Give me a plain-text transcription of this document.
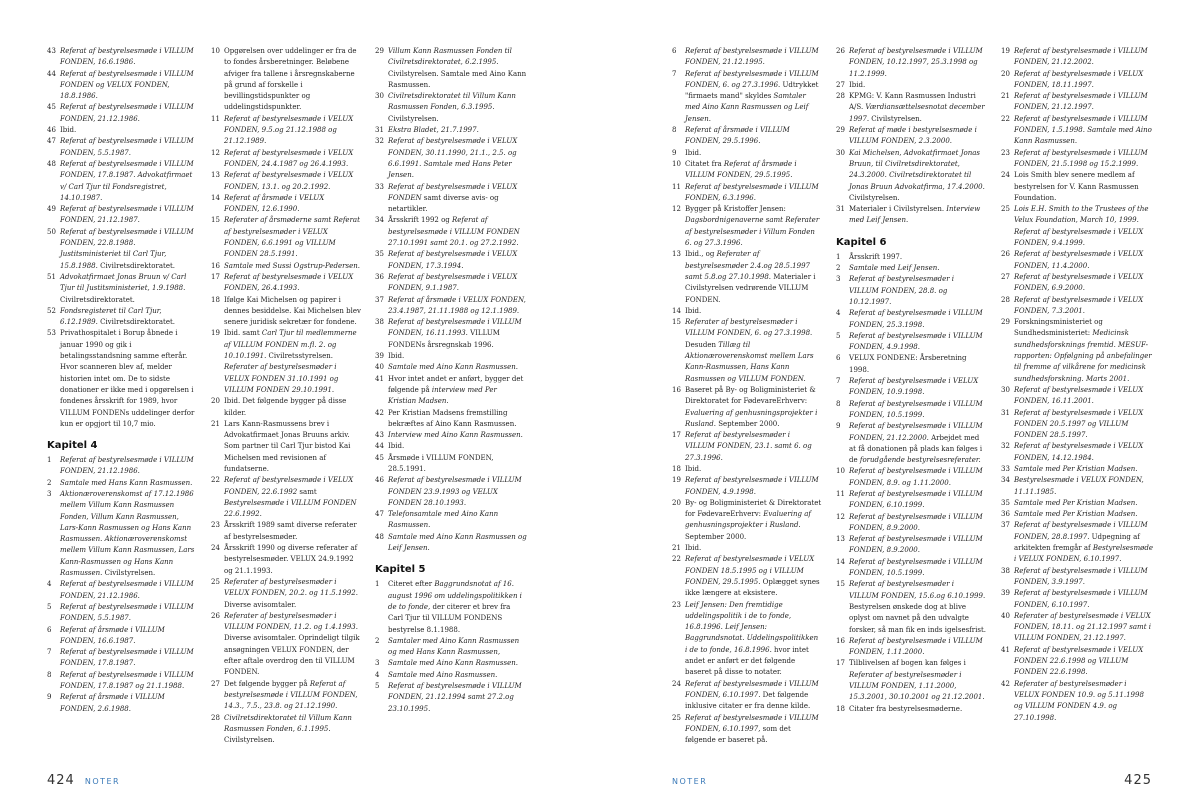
43 Referat af bestyrelsesmøde i VILLUM FONDEN, 16.6.1986.
44 Referat af bestyrelsesmøde i VILLUM FONDEN og VELUX FONDEN, 18.8.1986.
45 Referat af bestyrelsesmøde i VILLUM FONDEN, 21.12.1986.
46 Ibid.
47 Referat af bestyrelsesmøde i VILLUM FONDEN, 5.5.1987.
48 Referat af bestyrelsesmøde i VILLUM FONDEN, 17.8.1987. Advokatfirmaet v/ Carl Tjur til Fondsregistret, 14.10.1987.
49 Referat af bestyrelsesmøde i VILLUM FONDEN, 21.12.1987.
50 Referat af bestyrelsesmøde i VILLUM FONDEN, 22.8.1988. Justitsministeriet til Carl Tjur, 15.8.1988. Civilretsdirektoratet.
51 Advokatfirmaet Jonas Bruun v/ Carl Tjur til Justitsministeriet, 1.9.1988. Civilretsdirektoratet.
52 Fondsregisteret til Carl Tjur, 6.12.1989. Civilretsdirektoratet.
53 Privathospitalet i Borup åbnede i januar 1990 og gik i betalingsstandsning samme efterår. Hvor scanneren blev af, melder historien intet om. De to sidste donationer er ikke med i opgørelsen i fondenes årsskrift for 1989, hvor VILLUM FONDENs uddelinger derfor kun er opgjort til 10,7 mio.
Kapitel 4
1	Referat af bestyrelsesmøde i VILLUM FONDEN, 21.12.1986.
2	Samtale med Hans Kann Rasmussen.
3	Aktionæroverenskomst af 17.12.1986 mellem Villum Kann Rasmussen Fonden, Villum Kann Rasmussen, Lars-Kann Rasmussen og Hans Kann Rasmussen. Aktionæroverenskomst mellem Villum Kann Rasmussen, Lars Kann-Rasmussen og Hans Kann Rasmussen. Civilstyrelsen.
4	Referat af bestyrelsesmøde i VILLUM FONDEN, 21.12.1986.
5	Referat af bestyrelsesmøde i VILLUM FONDEN, 5.5.1987.
6	Referat af årsmøde i VILLUM FONDEN, 16.6.1987.
7	Referat af bestyrelsesmøde i VILLUM FONDEN, 17.8.1987.
8	Referat af bestyrelsesmøde i VILLUM FONDEN, 17.8.1987 og 21.1.1988.
9	Referat af årsmøde i VILLUM FONDEN, 2.6.1988.
10 Opgørelsen over uddelinger er fra de to fondes årsberetninger. Beløbene afviger fra tallene i årsregnskaberne på grund af forskelle i bevillingstidspunkter og uddelingstidspunkter.
11 Referat af bestyrelsesmøde i VELUX FONDEN, 9.5.og 21.12.1988 og 21.12.1989.
12 Referat af bestyrelsesmøde i VELUX FONDEN, 24.4.1987 og 26.4.1993.
13 Referat af bestyrelsesmøde i VELUX FONDEN, 13.1. og 20.2.1992.
14 Referat af årsmøde i VELUX FONDEN, 12.6.1990.
15 Referater af årsmøderne samt Referat af bestyrelsesmøder i VELUX FONDEN, 6.6.1991 og VILLUM FONDEN 28.5.1991.
16 Samtale med Sussi Ogstrup-Pedersen.
17 Referat af bestyrelsesmøde i VELUX FONDEN, 26.4.1993.
18 Ifølge Kai Michelsen og papirer i dennes besiddelse. Kai Michelsen blev senere juridisk sekretær for fondene.
19 Ibid. samt Carl Tjur til medlemmerne af VILLUM FONDEN m.fl. 2. og 10.10.1991. Civilretsstyrelsen. Referater af bestyrelsesmøder i VELUX FONDEN 31.10.1991 og VILLUM FONDEN 29.10.1991.
20 Ibid. Det følgende bygger på disse kilder.
21 Lars Kann-Rasmussens brev i Advokatfirmaet Jonas Bruuns arkiv. Som partner til Carl Tjur bistod Kai Michelsen med revisionen af fundatserne.
22 Referat af bestyrelsesmøde i VELUX FONDEN, 22.6.1992 samt Bestyrelsesmøde i VILLUM FONDEN 22.6.1992.
23 Årsskrift 1989 samt diverse referater af bestyrelsesmøder.
24 Årsskrift 1990 og diverse referater af bestyrelsesmøder. VELUX 24.9.1992 og 21.1.1993.
25 Referater af bestyrelsesmøder i VELUX FONDEN, 20.2. og 11.5.1992. Diverse avisomtaler.
26 Referater af bestyrelsesmøder i VILLUM FONDEN, 11.2. og 1.4.1993. Diverse avisomtaler. Oprindeligt tilgik ansøgningen VELUX FONDEN, der efter aftale overdrog den til VILLUM FONDEN.
27 Det følgende bygger på Referat af bestyrelsesmøde i VILLUM FONDEN, 14.3., 7.5., 23.8. og 21.12.1990.
28 Civilretsdirektoratet til Villum Kann Rasmussen Fonden, 6.1.1995. Civilstyrelsen.
29 Villum Kann Rasmussen Fonden til Civilretsdirektoratet, 6.2.1995. Civilstyrelsen. Samtale med Aino Kann Rasmussen.
30 Civilretsdirektoratet til Villum Kann Rasmussen Fonden, 6.3.1995. Civilstyrelsen.
31 Ekstra Bladet, 21.7.1997.
32 Referat af bestyrelsesmøde i VELUX FONDEN, 30.11.1990, 21.1., 2.5. og 6.6.1991. Samtale med Hans Peter Jensen.
33 Referat af bestyrelsesmøde i VELUX FONDEN samt diverse avis- og netartikler.
34 Årsskrift 1992 og Referat af bestyrelsesmøde i VILLUM FONDEN 27.10.1991 samt 20.1. og 27.2.1992.
35 Referat af bestyrelsesmøde i VELUX FONDEN, 17.3.1994.
36 Referat af bestyrelsesmøde i VELUX FONDEN, 9.1.1987.
37 Referat af årsmøde i VELUX FONDEN, 23.4.1987, 21.11.1988 og 12.1.1989.
38 Referat af bestyrelsesmøde i VILLUM FONDEN, 16.11.1993. VILLUM FONDENs årsregnskab 1996.
39 Ibid.
40 Samtale med Aino Kann Rasmussen.
41 Hvor intet andet er anført, bygger det følgende på interview med Per Kristian Madsen.
42 Per Kristian Madsens fremstilling bekræftes af Aino Kann Rasmussen.
43 Interview med Aino Kann Rasmussen.
44 Ibid.
45 Årsmøde i VILLUM FONDEN, 28.5.1991.
46 Referat af bestyrelsesmøde i VILLUM FONDEN 23.9.1993 og VELUX FONDEN 28.10.1993.
47 Telefonsamtale med Aino Kann Rasmussen.
48 Samtale med Aino Kann Rasmussen og Leif Jensen.
Kapitel 5
1	Citeret efter Baggrundsnotat af 16. august 1996 om uddelingspolitikken i de to fonde, der citerer et brev fra Carl Tjur til VILLUM FONDENS bestyrelse 8.1.1988.
2	Samtaler med Aino Kann Rasmussen og med Hans Kann Rasmussen,
3	Samtale med Aino Kann Rasmussen.
4	Samtale med Aino Rasmussen.
5	Referat af bestyrelsesmøde i VILLUM FONDEN, 21.12.1994 samt 27.2.og 23.10.1995.
424 NOTER
6	Referat af bestyrelsesmøde i VILLUM FONDEN, 21.12.1995.
7	Referat af bestyrelsesmøde i VILLUM FONDEN, 6. og 27.3.1996. Udtrykket "firmaets mand" skyldes Samtaler med Aino Kann Rasmussen og Leif Jensen.
8	Referat af årsmøde i VILLUM FONDEN, 29.5.1996.
9	Ibid.
10 Citatet fra Referat af årsmøde i VILLUM FONDEN, 29.5.1995.
11 Referat af bestyrelsesmøde i VILLUM FONDEN, 6.3.1996.
12 Bygger på Kristoffer Jensen: Dagsbordnigenaverne samt Referater af bestyrelsesmøder i Villum Fonden 6. og 27.3.1996.
13 Ibid., og Referater af bestyrelsesmøder 2.4.og 28.5.1997 samt 5.8.og 27.10.1998. Materialer i Civilstyrelsen vedrørende VILLUM FONDEN.
14 Ibid.
15 Referater af bestyrelsesmøder i VILLUM FONDEN, 6. og 27.3.1998. Desuden Tillæg til Aktionæroverenskomst mellem Lars Kann-Rasmussen, Hans Kann Rasmussen og VILLUM FONDEN.
16 Baseret på By- og Boligministeriet & Direktoratet for FødevareErhverv: Evaluering af genhusningsprojekter i Rusland. September 2000.
17 Referat af bestyrelsesmøder i VILLUM FONDEN, 23.1. samt 6. og 27.3.1996.
18 Ibid.
19 Referat af bestyrelsesmøde i VILLUM FONDEN, 4.9.1998.
20 By- og Boligministeriet & Direktoratet for FødevareErhverv: Evaluering af genhusningsprojekter i Rusland. September 2000.
21 Ibid.
22 Referat af bestyrelsesmøde i VELUX FONDEN 18.5.1995 og i VILLUM FONDEN, 29.5.1995. Oplægget synes ikke længere at eksistere.
23 Leif Jensen: Den fremtidige uddelingspolitik i de to fonde, 16.8.1996. Leif Jensen: Baggrundsnotat. Uddelingspolitikken i de to fonde, 16.8.1996. hvor intet andet er anført er det følgende baseret på disse to notater.
24 Referat af bestyrelsesmøde i VILLUM FONDEN, 6.10.1997. Det følgende inklusive citater er fra denne kilde.
25 Referat af bestyrelsesmøde i VILLUM FONDEN, 6.10.1997, som det følgende er baseret på.
26 Referat af bestyrelsesmøde i VILLUM FONDEN, 10.12.1997, 25.3.1998 og 11.2.1999.
27 Ibid.
28 KPMG: V. Kann Rasmussen Industri A/S. Værdiansættelsesnotat december 1997. Civilstyrelsen.
29 Referat af møde i bestyrelsesmøde i VILLUM FONDEN, 2.3.2000.
30 Kai Michelsen, Advokatfirmaet Jonas Bruun, til Civilretsdirektoratet, 24.3.2000. Civilretsdirektoratet til Jonas Bruun Advokatfirma, 17.4.2000. Civilstyrelsen.
31 Materialer i Civilstyrelsen. Interview med Leif Jensen.
Kapitel 6
1	Årsskrift 1997.
2	Samtale med Leif Jensen.
3	Referat af bestyrelsesmøder i VILLUM FONDEN, 28.8. og 10.12.1997.
4	Referat af bestyrelsesmøde i VILLUM FONDEN, 25.3.1998.
5	Referat af bestyrelsesmøde i VILLUM FONDEN, 4.9.1998.
6	VELUX FONDENE: Årsberetning 1998.
7	Referat af bestyrelsesmøde i VELUX FONDEN, 10.9.1998.
8	Referat af bestyrelsesmøde i VILLUM FONDEN, 10.5.1999.
9	Referat af bestyrelsesmøde i VILLUM FONDEN, 21.12.2000. Arbejdet med at få donationen på plads kan følges i de forudgående bestyrelsesreferater.
10 Referat af bestyrelsesmøde i VILLUM FONDEN, 8.9. og 1.11.2000.
11 Referat af bestyrelsesmøde i VILLUM FONDEN, 6.10.1999.
12 Referat af bestyrelsesmøde i VILLUM FONDEN, 8.9.2000.
13 Referat af bestyrelsesmøde i VILLUM FONDEN, 8.9.2000.
14 Referat af bestyrelsesmøde i VILLUM FONDEN, 10.5.1999.
15 Referat af bestyrelsesmøder i VILLUM FONDEN, 15.6.og 6.10.1999. Bestyrelsen ønskede dog at blive oplyst om navnet på den udvalgte forsker, så man fik en inds igelsesfrist.
16 Referat af bestyrelsesmøde i VILLUM FONDEN, 1.11.2000.
17 Tilblivelsen af bogen kan følges i Referater af bestyrelsesmøder i VILLUM FONDEN, 1.11.2000, 15.3.2001, 30.10.2001 og 21.12.2001.
18 Citater fra bestyrelsesmøderne.
19 Referat af bestyrelsesmøde i VILLUM FONDEN, 21.12.2002.
20 Referat af bestyrelsesmøde i VELUX FONDEN, 18.11.1997.
21 Referat af bestyrelsesmøde i VILLUM FONDEN, 21.12.1997.
22 Referat af bestyrelsesmøde i VILLUM FONDEN, 1.5.1998. Samtale med Aino Kann Rasmussen.
23 Referat af bestyrelsesmøde i VILLUM FONDEN, 21.5.1998 og 15.2.1999.
24 Lois Smith blev senere medlem af bestyrelsen for V. Kann Rasmussen Foundation.
25 Lois E.H. Smith to the Trustees of the Velux Foundation, March 10, 1999. Referat af bestyrelsesmøde i VELUX FONDEN, 9.4.1999.
26 Referat af bestyrelsesmøde i VELUX FONDEN, 11.4.2000.
27 Referat af bestyrelsesmøde i VELUX FONDEN, 6.9.2000.
28 Referat af bestyrelsesmøde i VELUX FONDEN, 7.3.2001.
29 Forskningsministeriet og Sundhedsministeriet: Medicinsk sundhedsforsknings fremtid. MESUF-rapporten: Opfølgning på anbefalinger til fremme af vilkårene for medicinsk sundhedsforskning. Marts 2001.
30 Referat af bestyrelsesmøde i VELUX FONDEN, 16.11.2001.
31 Referat af bestyrelsesmøde i VELUX FONDEN 20.5.1997 og VILLUM FONDEN 28.5.1997.
32 Referat af bestyrelsesmøde i VELUX FONDEN, 14.12.1984.
33 Samtale med Per Kristian Madsen.
34 Bestyrelsesmøde i VELUX FONDEN, 11.11.1985.
35 Samtale med Per Kristian Madsen.
36 Samtale med Per Kristian Madsen.
37 Referat af bestyrelsesmøde i VILLUM FONDEN, 28.8.1997. Udpegning af arkitekten fremgår af Bestyrelsesmøde i VELUX FONDEN, 6.10.1997.
38 Referat af bestyrelsesmøde i VILLUM FONDEN, 3.9.1997.
39 Referat af bestyrelsesmøde i VILLUM FONDEN, 6.10.1997.
40 Referater af bestyrelsesmøde i VELUX FONDEN, 18.11. og 21.12.1997 samt i VILLUM FONDEN, 21.12.1997.
41 Referat af bestyrelsesmøde i VELUX FONDEN 22.6.1998 og VILLUM FONDEN 22.6.1998.
42 Referater af bestyrelsesmøder i VELUX FONDEN 10.9. og 5.11.1998 og VILLUM FONDEN 4.9. og 27.10.1998.
NOTER	425
